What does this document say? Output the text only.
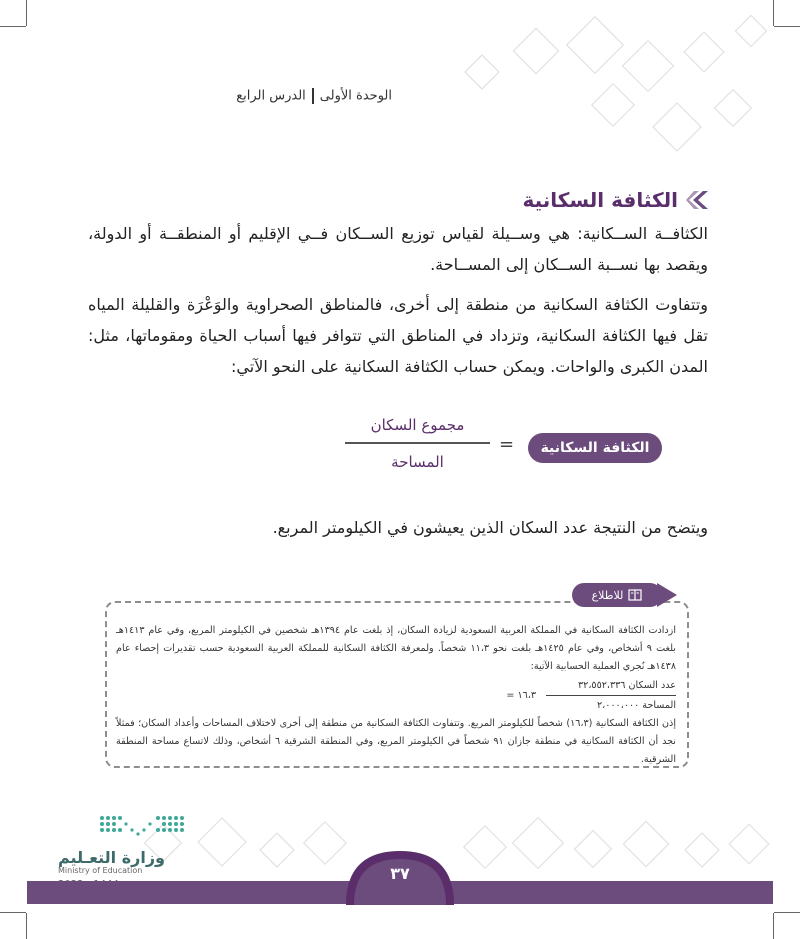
الوحدة الأولىالدرس الرابع
الكثافة السكانية
الكثافــة الســكانية: هي وســيلة لقياس توزيع الســكان فــي الإقليم أو المنطقــة أو الدولة، ويقصد بها نســبة الســكان إلى المســاحة.
وتتفاوت الكثافة السكانية من منطقة إلى أخرى، فالمناطق الصحراوية والوَعْرَة والقليلة المياه تقل فيها الكثافة السكانية، وتزداد في المناطق التي تتوافر فيها أسباب الحياة ومقوماتها، مثل: المدن الكبرى والواحات. ويمكن حساب الكثافة السكانية على النحو الآتي:
الكثافة السكانية
=
مجموع السكان
المساحة
ويتضح من النتيجة عدد السكان الذين يعيشون في الكيلومتر المربع.
للاطلاع
ازدادت الكثافة السكانية في المملكة العربية السعودية لزيادة السكان، إذ بلغت عام ١٣٩٤هـ شخصين في الكيلومتر المربع، وفي عام ١٤١٣هـ بلغت ٩ أشخاص، وفي عام ١٤٢٥هـ بلغت نحو ١١،٣ شخصاً. ولمعرفة الكثافة السكانية للمملكة العربية السعودية حسب تقديرات إحصاء عام ١٤٣٨هـ نُجري العملية الحسابية الآتية:
عدد السكان ٣٢،٥٥٢،٣٣٦
المساحة ٢،٠٠٠،٠٠٠
١٦،٣ =
إذن الكثافة السكانية (١٦،٣) شخصاً للكيلومتر المربع. وتتفاوت الكثافة السكانية من منطقة إلى أخرى لاختلاف المساحات وأعداد السكان؛ فمثلاً نجد أن الكثافة السكانية في منطقة جازان ٩١ شخصاً في الكيلومتر المربع، وفي المنطقة الشرقية ٦ أشخاص، وذلك لاتساع مساحة المنطقة الشرقية.
وزارة التعـليم
Ministry of Education	٣٧
